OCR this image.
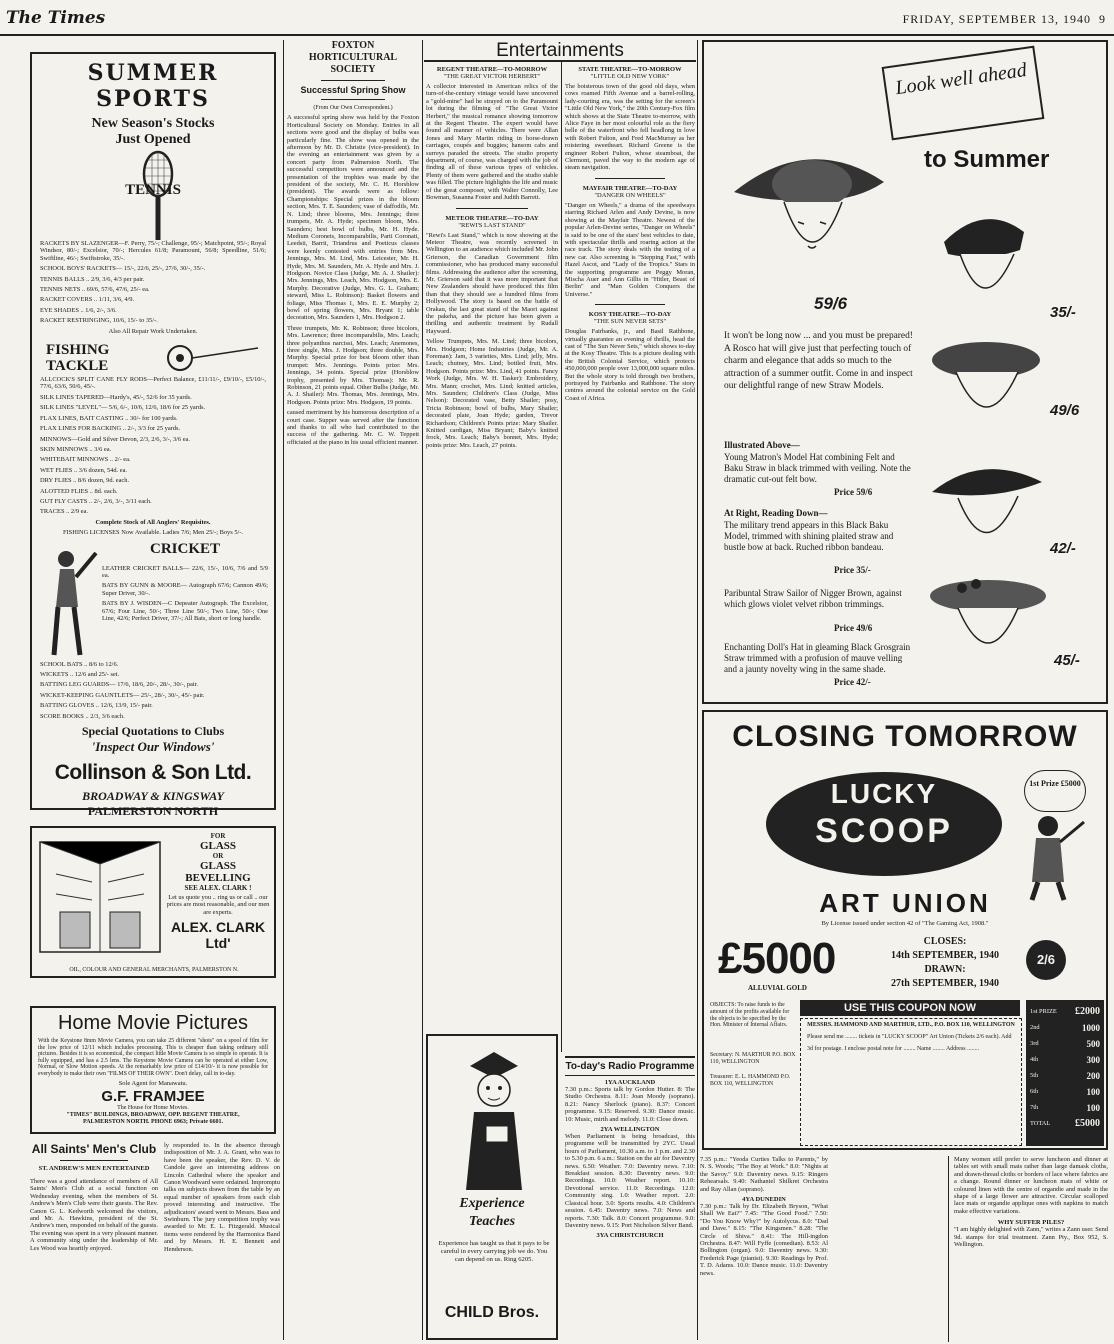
The Times	FRIDAY, SEPTEMBER 13, 1940 9
SUMMER SPORTS
New Season's Stocks
Just Opened
TENNIS

RACKETS BY SLAZENGER—F. Perry, 75/-; Challenge, 95/-; Matchpoint, 95/-; Royal Windsor, 80/-; Excelsior, 70/-; Hercules 61/8; Paramount, 56/8; Speedline, 51/6; Swiftline, 46/-; Swiftstroke, 35/-.

SCHOOL BOYS' RACKETS— 15/-, 22/6, 25/-, 27/6, 30/-, 35/-.

TENNIS BALLS .. 2/9, 3/6, 4/3 per pair.

TENNIS NETS .. 69/6, 57/6, 47/6, 25/- ea.

RACKET COVERS .. 1/11, 3/6, 4/9.

EYE SHADES .. 1/6, 2/-, 3/6.

RACKET RESTRINGING, 10/6, 15/- to 35/-.

Also All Repair Work Undertaken.

FISHING TACKLE

ALLCOCK'S SPLIT CANE FLY RODS—Perfect Balance, £11/11/-, £9/10/-, £5/10/-, 77/6, 63/6, 50/6, 45/-.

SILK LINES TAPERED—Hardy's, 45/-, 52/6 for 35 yards.

SILK LINES "LEVEL"— 5/6, 6/-, 10/6, 12/6, 18/6 for 25 yards.

FLAX LINES, BAIT CASTING .. 30/- for 100 yards.

FLAX LINES FOR BACKING .. 2/-, 3/3 for 25 yards.

MINNOWS—Gold and Silver Devon, 2/3, 2/6, 3/-, 3/6 ea.

SKIN MINNOWS .. 3/6 ea.

WHITEBAIT MINNOWS .. 2/- ea.

WET FLIES .. 3/6 dozen, 54d. ea.

DRY FLIES .. 8/6 dozen, 9d. each.

ALOTTED FLIES .. 8d. each.

GUT FLY CASTS .. 2/-, 2/6, 3/-, 3/11 each.

TRACES .. 2/9 ea.

Complete Stock of All Anglers' Requisites.

FISHING LICENSES Now Available. Ladies 7/6; Men 25/-; Boys 5/-.

CRICKET

LEATHER CRICKET BALLS— 22/6, 15/-, 10/6, 7/6 and 5/9 ea.

BATS BY GUNN & MOORE— Autograph 67/6; Cannon 49/6; Super Driver, 30/-.

BATS BY J. WISDEN—C Depeater Autograph. The Excelsior, 67/6; Four Line, 50/-; Three Line 50/-; Two Line, 50/-; One Line, 42/6; Perfect Driver, 37/-; All Bats, short or long handle.

SCHOOL BATS .. 8/6 to 12/6.

WICKETS .. 12/6 and 25/- set.

BATTING LEG GUARDS— 17/6, 18/6, 20/-, 28/-, 30/-, pair.

WICKET-KEEPING GAUNTLETS— 25/-, 28/-, 30/-, 45/- pair.

BATTING GLOVES .. 12/6, 13/9, 15/- pair.

SCORE BOOKS .. 2/3, 3/6 each.

Special Quotations to Clubs
'Inspect Our Windows'
Collinson & Son Ltd.
BROADWAY & KINGSWAY
PALMERSTON NORTH
FOR
GLASS
OR
GLASS
BEVELLING
SEE ALEX. CLARK !
Let us quote you .. ring us or call .. our prices are most reasonable, and our men are experts.
ALEX. CLARK Ltd'
OIL, COLOUR AND GENERAL MERCHANTS, PALMERSTON N.
Home Movie Pictures
With the Keystone 8mm Movie Camera, you can take 25 different "shots" on a spool of film for the low price of 12/11 which includes processing. This is cheaper than taking ordinary still pictures. Besides it is so economical, the compact little Movie Camera is so simple to operate. It is fully equipped, and has a 2.5 lens. The Keystone Movie Camera can be operated at either Low, Normal, or Slow Motion speeds. At the remarkably low price of £14/10/- it is now possible for everybody to make their own "FILMS OF THEIR OWN". Don't delay, call in to-day.
Sole Agent for Manawatu.
G.F. FRAMJEE
The House for Home Movies.
"TIMES" BUILDINGS, BROADWAY, OPP. REGENT THEATRE,
PALMERSTON NORTH. PHONE 6963; Private 6601.
All Saints' Men's Club
ST. ANDREW'S MEN ENTERTAINED
There was a good attendance of members of All Saints' Men's Club at a social function on Wednesday evening, when the members of St. Andrew's Men's Club were their guests. The Rev. Canon G. L. Kedworth welcomed the visitors, and Mr. A. Hawkins, president of the St. Andrew's men, responded on behalf of the guests. The evening was spent in a very pleasant manner. A community sing under the leadership of Mr. Les Wood was heartily enjoyed.
ly responded to. In the absence through indisposition of Mr. J. A. Grant, who was to have been the speaker, the Rev. D. V. de Candole gave an interesting address on Lincoln Cathedral where the speaker and Canon Woodward were ordained. Impromptu talks on subjects drawn from the table by an equal number of speakers from each club proved interesting and instructive. The adjudicators' award went to Messrs. Bass and Swinburn. The jury competition trophy was awarded to Mr. E. L. Fitzgerald. Musical items were rendered by the Harmonica Band and by Messrs. H. E. Bennett and Henderson.
FOXTON HORTICULTURAL SOCIETY
Successful Spring Show
(From Our Own Correspondent.)
A successful spring show was held by the Foxton Horticultural Society on Monday. Entries in all sections were good and the display of bulbs was particularly fine. The show was opened in the afternoon by Mr. D. Christie (vice-president). In the evening an entertainment was given by a concert party from Palmerston North. The successful competitors were announced and the presentation of the trophies was made by the president of the society, Mr. C. H. Horsblow (president). The awards were as follow: Championships: Special prizes in the bloom section, Mrs. T. E. Saunders; vase of daffodils, Mr. N. Lind; three blooms, Mrs. Jennings; three trumpets, Mr. A. Hyde; specimen bloom, Mrs. Saunders; best bowl of bulbs, Mr. H. Hyde. Medium Coronets, Incomparabilis, Parti Coronati, Leedsii, Barrii, Triandrus and Poeticus classes were keenly contested with entries from Mrs. Jennings, Mrs. M. Lind, Mrs. Leicester, Mr. H. Hyde, Mrs. M. Saunders, Mr. A. Hyde and Mrs. J. Hodgson. Novice Class (Judge, Mr. A. J. Shailer): Mrs. Jennings, Mrs. Leach, Mrs. Hodgson, Mrs. E. Murphy. Decorative (Judge, Mrs. G. L. Graham; steward, Miss L. Robinson): Basket flowers and foliage, Miss Thomas 1, Mrs. E. E. Murphy 2; bowl of spring flowers, Mrs. Bryant 1; table decoration, Mrs. Saunders 1, Mrs. Hodgson 2.
Three trumpets, Mr. K. Robinson; three bicolors, Mrs. Lawrence; three incomparabilis, Mrs. Leach; three polyanthus narcissi, Mrs. Leach; Anemones, three single, Mrs. J. Hodgson; three double, Mrs. Murphy. Special prize for best bloom other than trumpet: Mrs. Jennings. Points prize: Mrs. Jennings, 34 points. Special prize (Horsblow trophy, presented by Mrs. Thomas): Mr. R. Robinson, 21 points equal. Other Bulbs (Judge, Mr. A. J. Shailer): Mrs. Thomas, Mrs. Jennings, Mrs. Hodgson. Points prize: Mrs. Hodgson, 19 points.
caused merriment by his humorous description of a court case. Supper was served after the function and thanks to all who had contributed to the success of the gathering. Mr. C. W. Teppett officiated at the piano in his usual efficient manner.
Entertainments
REGENT THEATRE—TO-MORROW
"THE GREAT VICTOR HERBERT"
A collector interested in American relics of the turn-of-the-century vintage would have uncovered a "gold-mine" had he strayed on to the Paramount lot during the filming of "The Great Victor Herbert," the musical romance showing tomorrow at the Regent Theatre. The expert would have found all manner of vehicles. There were Allan Jones and Mary Martin riding in horse-drawn carriages, coupés and buggies; hansom cabs and surreys paraded the streets. The studio property department, of course, was charged with the job of finding all of these various types of vehicles. Plenty of them were gathered and the studio stable was filled. The picture highlights the life and music of the great composer, with Walter Connolly, Lee Bowman, Susanna Foster and Judith Barrett.
METEOR THEATRE—TO-DAY
"REWI'S LAST STAND"
"Rewi's Last Stand," which is now showing at the Meteor Theatre, was recently screened in Wellington to an audience which included Mr. John Grierson, the Canadian Government film commissioner, who has produced many successful films. Addressing the audience after the screening, Mr. Grierson said that it was more important that New Zealanders should have produced this film than that they should see a hundred films from Hollywood. The story is based on the battle of Orakau, the last great stand of the Maori against the pakeha, and the picture has been given a thrilling and authentic treatment by Rudall Hayward.
Yellow Trumpets, Mrs. M. Lind; three bicolors, Mrs. Hodgson; Home Industries (Judge, Mr. A. Foreman): Jam, 3 varieties, Mrs. Lind; jelly, Mrs. Leach; chutney, Mrs. Lind; bottled fruit, Mrs. Hodgson. Points prize: Mrs. Lind, 41 points. Fancy Work (Judge, Mrs. W. H. Tasker): Embroidery, Mrs. Mann; crochet, Mrs. Lind; knitted articles, Mrs. Saunders; Children's Class (Judge, Miss Nelson): Decorated vase, Betty Shailer; posy, Tricia Robinson; bowl of bulbs, Mary Shailer; decorated plate, Joan Hyde; garden, Trevor Richardson; Children's Points prize: Mary Shailer. Knitted cardigan, Miss Bryant; Baby's knitted frock, Mrs. Leach; Baby's bonnet, Mrs. Hyde; points prize: Mrs. Leach, 27 points.
STATE THEATRE—TO-MORROW
"LITTLE OLD NEW YORK"
The boisterous town of the good old days, when cows roamed Fifth Avenue and a barrel-rolling, lady-courting era, was the setting for the screen's "Little Old New York," the 20th Century-Fox film which shows at the State Theatre to-morrow, with Alice Faye in her most colourful role as the fiery belle of the waterfront who fell headlong in love with Robert Fulton, and Fred MacMurray as her roistering sweetheart. Richard Greene is the engineer Robert Fulton, whose steamboat, the Clermont, paved the way to the modern age of steam navigation.
MAYFAIR THEATRE—TO-DAY
"DANGER ON WHEELS"
"Danger on Wheels," a drama of the speedways starring Richard Arlen and Andy Devine, is now showing at the Mayfair Theatre. Newest of the popular Arlen-Devine series, "Danger on Wheels" is said to be one of the stars' best vehicles to date, with spectacular thrills and roaring action at the race track. The story deals with the testing of a new car. Also screening is "Stepping Fast," with Hazel Ascot, and "Lady of the Tropics." Stars in the supporting programme are Peggy Moran, Mischa Auer and Ann Gillis in "Hitler, Beast of Berlin" and "Man Golden Conquers the Universe."
KOSY THEATRE—TO-DAY
"THE SUN NEVER SETS"
Douglas Fairbanks, jr., and Basil Rathbone, virtually guarantee an evening of thrills, head the cast of "The Sun Never Sets," which shows to-day at the Kosy Theatre. This is a picture dealing with the British Colonial Service, which protects 450,000,000 people over 13,000,000 square miles. But the whole story is told through two brothers, portrayed by Fairbanks and Rathbone. The story centres around the colonial service on the Gold Coast of Africa.
To-day's Radio Programme
1YA AUCKLAND
7.30 p.m.: Sports talk by Gordon Hutter. 8: The Studio Orchestra. 8.11: Joan Moody (soprano). 8.21: Nancy Sherlock (piano). 8.37: Concert programme. 9.15: Reserved. 9.30: Dance music. 10: Music, mirth and melody. 11.0: Close down.
2YA WELLINGTON
When Parliament is being broadcast, this programme will be transmitted by 2YC. Usual hours of Parliament, 10.30 a.m. to 1 p.m. and 2.30 to 5.30 p.m. 6 a.m.: Station on the air for Daventry news. 6.50: Weather. 7.0: Daventry news. 7.10: Breakfast session. 8.30: Daventry news. 9.0: Recordings. 10.0: Weather report. 10.10: Devotional service. 11.0: Recordings. 12.0: Community sing. 1.0: Weather report. 2.0: Classical hour. 3.0: Sports results. 4.0: Children's session. 6.45: Daventry news. 7.0: News and reports. 7.30: Talk. 8.0: Concert programme. 9.0: Daventry news. 9.15: Port Nicholson Silver Band.
3YA CHRISTCHURCH
7.35 p.m.: "Yeoda Curties Talks to Parents," by N. S. Woods; "The Boy at Work." 8.0: "Nights at the Savoy." 9.0: Daventry news. 9.15: Ringers Rehearsals. 9.40: Nathaniel Shilkret Orchestra and Ray Allan (soprano).
4YA DUNEDIN
7.30 p.m.: Talk by Dr. Elizabeth Bryson, "What Shall We Eat?" 7.45: "The Good Food." 7.50: "Do You Know Why?" by Autolycus. 8.0: "Dad and Dave." 8.15: "The Kingsmen." 8.28: "The Circle of Shiva." 8.41: The Hill-ingdon Orchestra. 8.47: Will Fyffe (comedian). 8.53: Al Bollington (organ). 9.0: Daventry news. 9.30: Frederick Page (pianist). 9.30: Readings by Prof. T. D. Adams. 10.0: Dance music. 11.0: Daventry news.

Experience
Teaches
Experience has taught us that it pays to be careful in every carrying job we do. You can depend on us. Ring 6205.
CHILD Bros.
Look well ahead
to Summer
59/6	35/-
It won't be long now ... and you must be prepared! A Rosco hat will give just that perfecting touch of charm and elegance that adds so much to the attraction of a summer outfit. Come in and inspect our delightful range of new Straw Models.
49/6
Illustrated Above—
Young Matron's Model Hat combining Felt and Baku Straw in black trimmed with veiling. Note the dramatic cut-out felt bow.
Price 59/6
At Right, Reading Down—
The military trend appears in this Black Baku Model, trimmed with shining plaited straw and bustle bow at back. Ruched ribbon bandeau.
Price 35/-
42/-
Paribuntal Straw Sailor of Nigger Brown, against which glows violet velvet ribbon trimmings.
Price 49/6
45/-
Enchanting Doll's Hat in gleaming Black Grosgrain Straw trimmed with a profusion of mauve velling and a jaunty novelty wing in the same shade.
Price 42/-
CLOSING TOMORROW
LUCKY
SCOOP
1st Prize £5000
ART UNION
By License issued under section 42 of "The Gaming Act, 1908."
£5000
ALLUVIAL GOLD
CLOSES:
14th SEPTEMBER, 1940
DRAWN:
27th SEPTEMBER, 1940
2/6
OBJECTS: To raise funds to the amount of the profits available for the objects to be specified by the Hon. Minister of Internal Affairs.
Secretary: N. MARTHUR P.O. BOX 110, WELLINGTON
Treasurer: E. L. HAMMOND P.O. BOX 110, WELLINGTON
USE THIS COUPON NOW
MESSRS. HAMMOND AND MARTHUR, LTD., P.O. BOX 110, WELLINGTON
Please send me ........ tickets in "LUCKY SCOOP" Art Union (Tickets 2/6 each). Add 3d for postage. I enclose postal note for ........ Name ........ Address ........
1st PRIZE £2000
2nd	1000
3rd	500
4th	300
5th	200
6th	100
7th	100
TOTAL £5000
Many women still prefer to serve luncheon and dinner at tables set with small mats rather than large damask cloths, and drawn-thread cloths or borders of lace where fabrics are a change. Round dinner or luncheon mats of white or coloured linen with the centre of organdie and made in the shape of a large flower are attractive. Circular scalloped lace mats or organdie applique ones with napkins to match make effective variations.
WHY SUFFER PILES?
"I am highly delighted with Zann," writes a Zann user. Send 9d. stamps for trial treatment. Zann Pty., Box 952, S. Wellington.
